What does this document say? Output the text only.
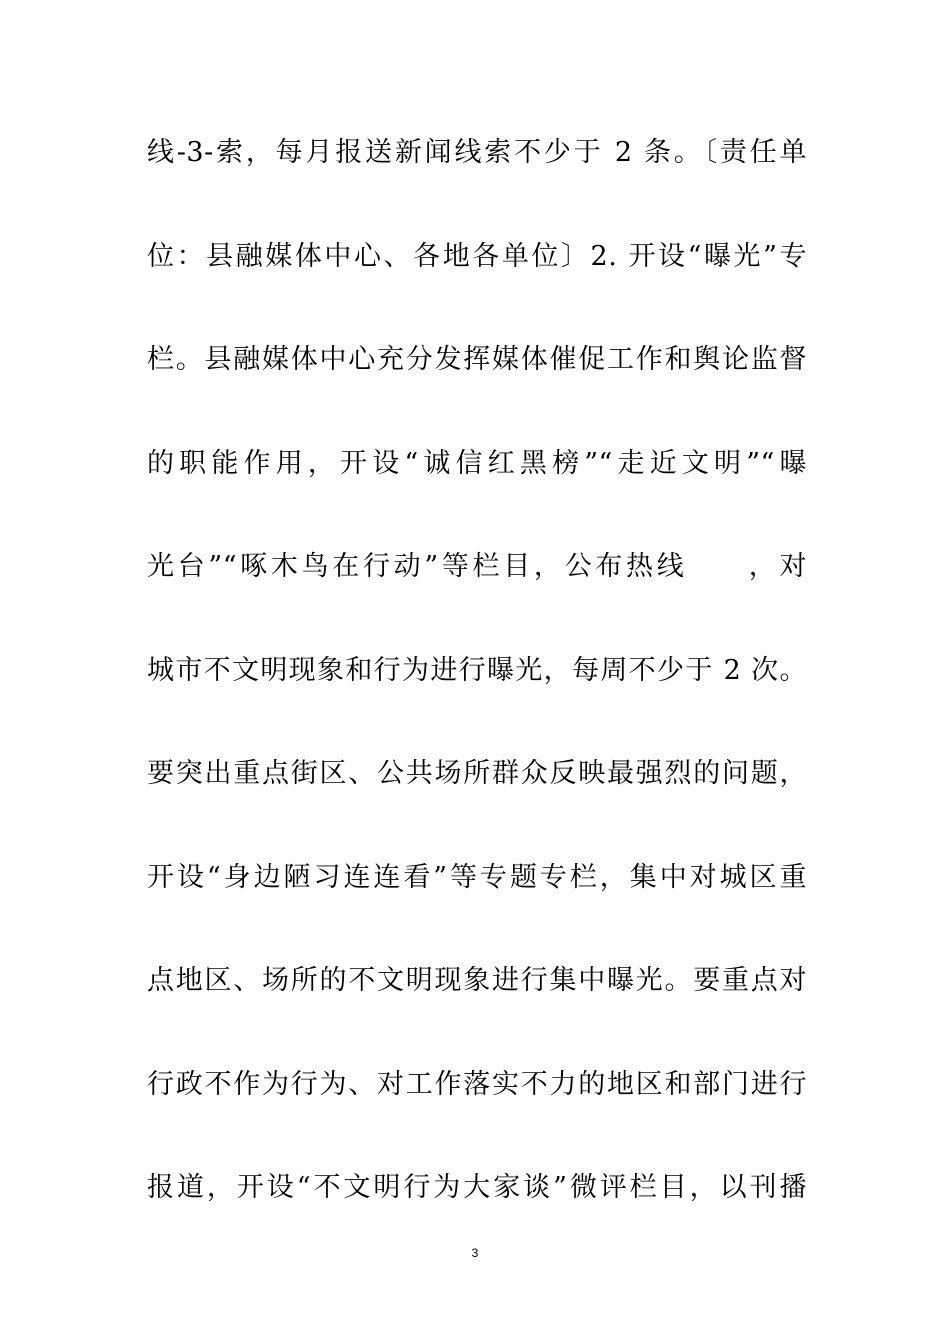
线-3-索，每月报送新闻线索不少于 2 条。〔责任单
位：县融媒体中心、各地各单位〕2. 开设“曝光”专
栏。县融媒体中心充分发挥媒体催促工作和舆论监督
的职能作用，开设“诚信红黑榜”“走近文明”“曝
光台”“啄木鸟在行动”等栏目，公布热线　　，对
城市不文明现象和行为进行曝光，每周不少于 2 次。
要突出重点街区、公共场所群众反映最强烈的问题，
开设“身边陋习连连看”等专题专栏，集中对城区重
点地区、场所的不文明现象进行集中曝光。要重点对
行政不作为行为、对工作落实不力的地区和部门进行
报道，开设“不文明行为大家谈”微评栏目，以刊播
3
